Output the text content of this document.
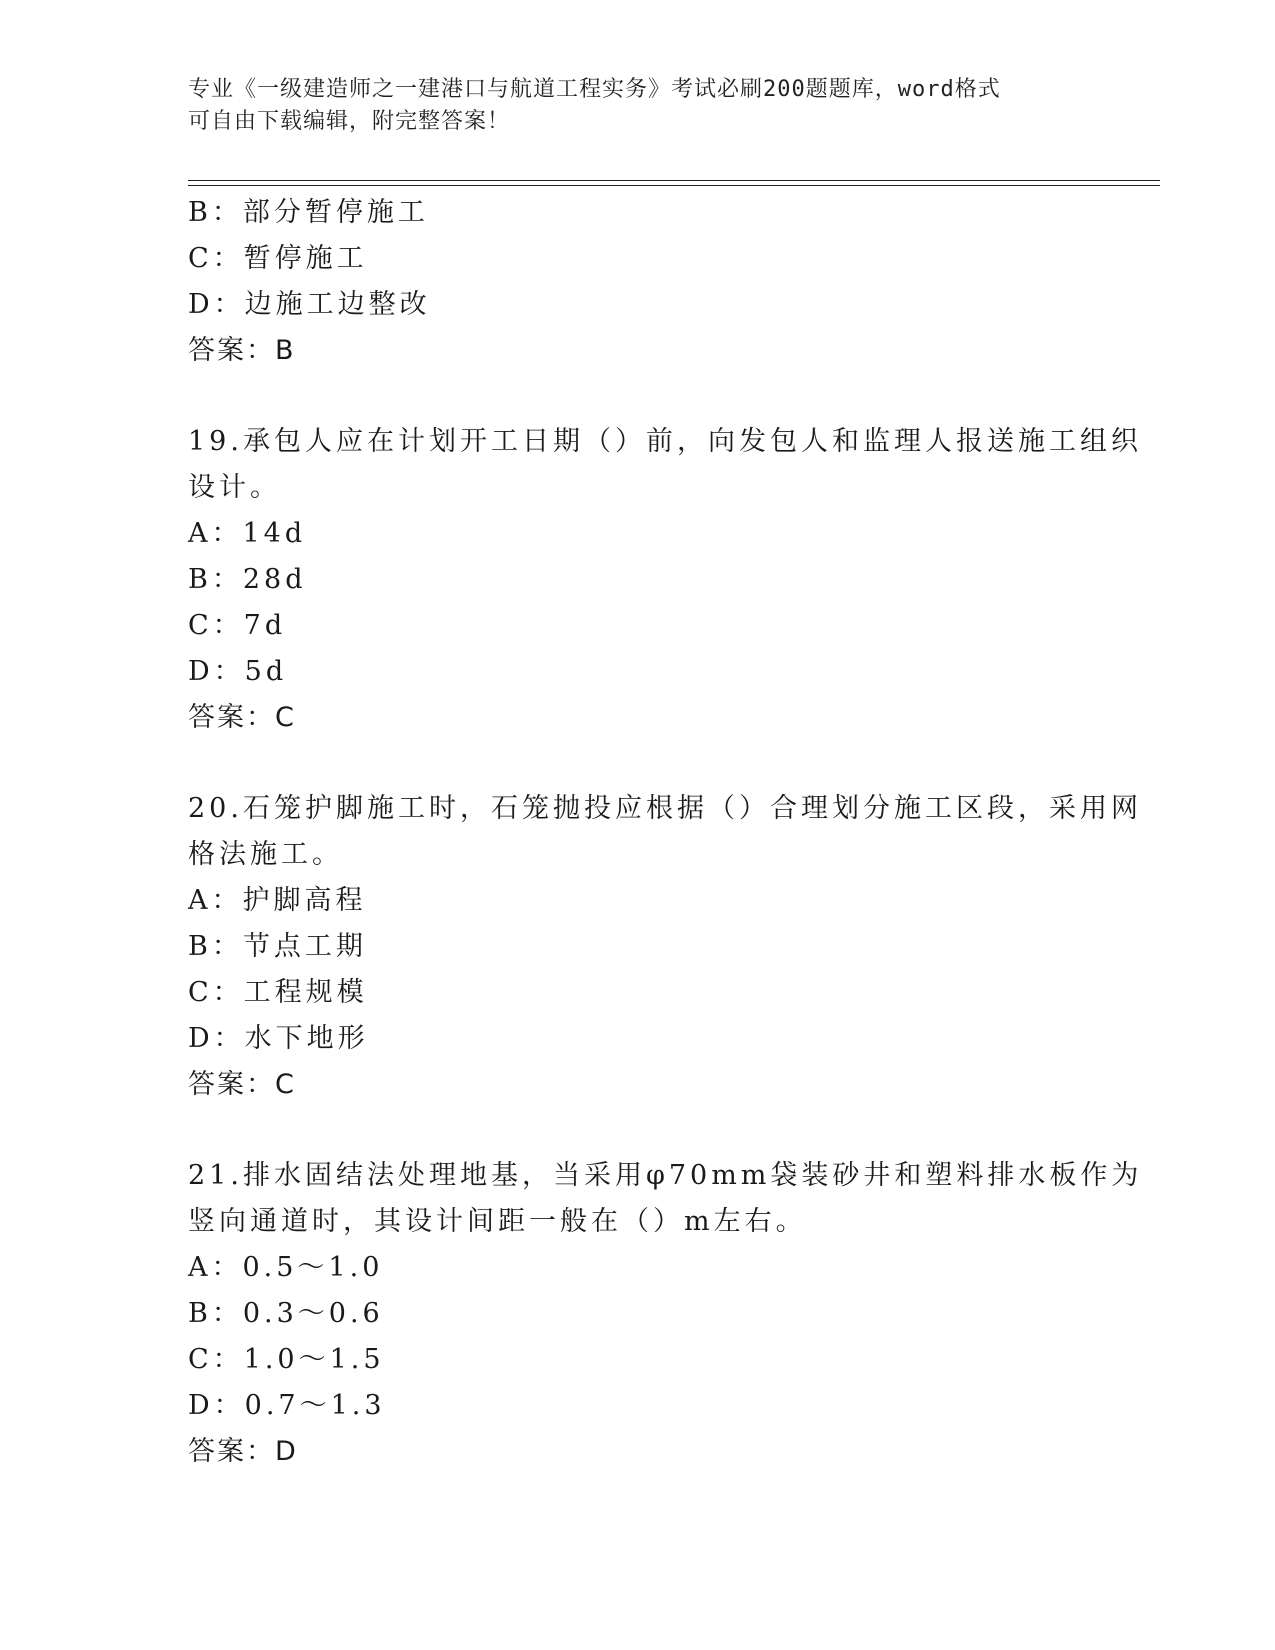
专业《一级建造师之一建港口与航道工程实务》考试必刷200题题库，word格式
可自由下载编辑，附完整答案！
B：部分暂停施工
C：暂停施工
D：边施工边整改
答案：B
19.承包人应在计划开工日期（）前，向发包人和监理人报送施工组织
设计。
A：14d
B：28d
C：7d
D：5d
答案：C
20.石笼护脚施工时，石笼抛投应根据（）合理划分施工区段，采用网
格法施工。
A：护脚高程
B：节点工期
C：工程规模
D：水下地形
答案：C
21.排水固结法处理地基，当采用φ70mm袋装砂井和塑料排水板作为
竖向通道时，其设计间距一般在（）m左右。
A：0.5～1.0
B：0.3～0.6
C：1.0～1.5
D：0.7～1.3
答案：D
